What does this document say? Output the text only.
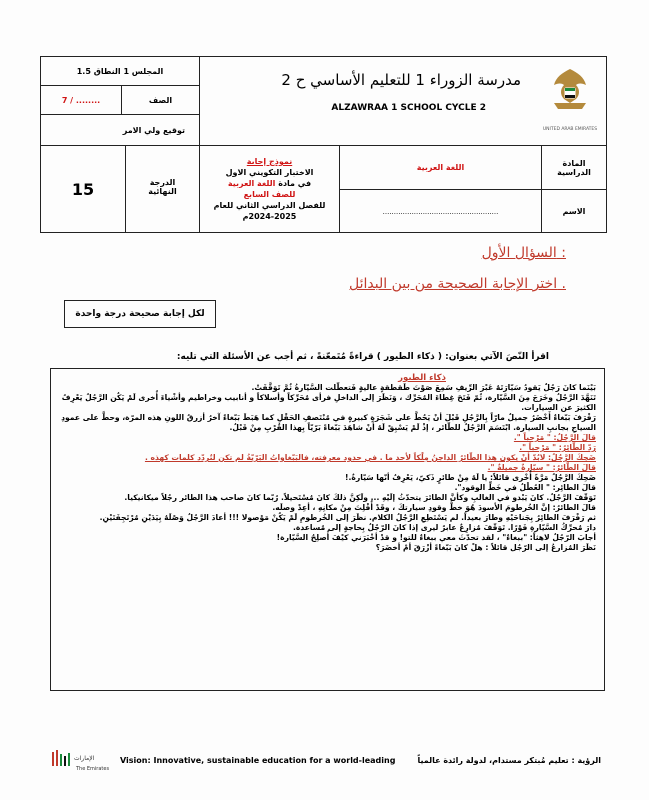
المجلس 1 النطاق 1.5
7 / ........	الصف
توقيع ولي الامر
مدرسة الزوراء 1 للتعليم الأساسي ح 2
ALZAWRAA 1 SCHOOL CYCLE 2
UNITED ARAB EMIRATES
15	الدرجة النهائية
نموذج إجابة
الاختبار التكويني الاول
في مادة اللغة العربية
للصف السابع
للفصل الدراسي الثاني للعام
2024-2025م
اللغة العربية	المادة الدراسية
....................................................	الاسم
السؤال الأول :
اختر الإجابة الصحيحة من بين البدائل .
لكل إجابة صحيحة درجة واحدة
اقرأ النّصَ الآتي بعنوان: ( ذكاء الطيور ) قراءةً مُتَمعّنةً ، ثم أجب عن الأسئلة التي تليه:

ذكاء الطيور

بَيْنَما كانَ رَجُلٌ يَقودُ سَيّارَتَهُ عَبْرَ الرِّيفِ سَمِعَ صَوْتَ طَقطقةٍ عاليةٍ فَتعطّلت السَّيّارةُ ثُمَّ تَوَقَّفَتْ.

تَنَهَّدَ الرَّجُلُ وخَرَجَ مِنَ السَّيّارة، ثُمّ فَتَحَ غِطاءَ المُحَرِّك ، وَنَظَرَ إلى الداخلِ فرأى مُحَرِّكاً وأسلاكاً و أنابيب وخراطيم وأشْياءَ أُخرى لَمْ يَكُن الرَّجُلُ يَعْرِفُ الكثيرَ عن السيارات.

رَفْرَفَ بَبّغاءٌ أَخْضَرُ جميلٌ مارّاً بِالرَّجُلِ قَبْلَ أنْ يَحُطَّ على شَجَرَةٍ كبيرةٍ في مُنْتَصفِ الحَقْلِ كما هَبَطَ بَبّغاءٌ آخرُ أزرقُ اللونِ هذه المرّة، وحطَّ على عمودِ السياجِ بجانبِ السيارة. ابْتَسَمَ الرَّجُلُ للطّائر ، إذْ لَمْ يَسْبِقْ لَهُ أنْ شاهَدَ بَبّغاءً بَرّيّاً بِهذا القُرْبِ مِنْ قَبْلُ.

قالَ الرَّجُلُ: " مَرْحباً ".

رَدّ الطّائِرُ: " مَرْحباً ".

ضَحِكَ الرَّجُلُ: لابُدّ أنْ يكون هذا الطّائرُ الداجنُ مِلْكاً لأحد ما . في حدود معرفته، فالبَبّغاواتُ البَرّيّةُ لم تكن لتُردّد كلمات كهذه .

قالَ الطّائرُ: " سيّارةٌ جميلةٌ ".

ضَحِكَ الرَّجُلُ مَرَّةً أُخْرى قائلاً: يا لَهُ مِنْ طائرٍ ذَكيّ، يَعْرِفُ أنّها سَيّارةٌ.!

قالَ الطائِر: " العُطْلُ في خَطِّ الوقود".

تَوَقّفَ الرَّجُلُ. كانَ يَبْدو في الغالبِ وكأنَّ الطائرَ يتحدّثُ إلَيْهِ ... ولَكِنَّ ذلكَ كانَ مُسْتَحيلاً. رُبّما كانَ صاحب هذا الطائر رجُلاً ميكانيكيا.

قالَ الطائرُ: إنَّ الخُرطومَ الأسودَ هُوَ خطُّ وقودِ سيارتكَ ، وقَدْ أُفْلِتَ مِنْ مكانِهِ ، أعِدْ وصلَه.

ثم رَفْرَفَ الطائِرُ بِجَناحَيْهِ وطارَ بعيداً. لم يَسْتَطِعِ الرَّجُلُ الكلام. نظَرَ إلى الخُرطومِ لَمْ يَكُنْ مَوْصولا !!! أعادَ الرَّجُلُ وَصْلَهُ بِيَدَيْنِ مُرْتَجِفَتَيْنِ.

دارَ مُحرِّكُ السَّيّارةِ فَوْرًا. تَوَقّفَ مُزارِعٌ عابرٌ ليرى إذا كانَ الرّجُلُ بِحاجةٍ إلى مُساعدة.

أجابَ الرّجُلُ لاهثاً: "ببغاءٌ" ، لقد تحدّثَ معي ببغاءٌ للتو! و قدْ أخْبَرَني كيْفَ أُصلِحُ السَّيّارة!

نَظَرَ المُزارعُ إلى الرّجُل قائلاً : هلْ كانَ بَبّغاءً أزْرَقَ أمْ أخضَرَ؟

الإمارات
The Emirates
Vision: Innovative, sustainable education for a world-leading	الرؤية : تعليم مُبتكر مستدام، لدولة رائدة عالمياً
